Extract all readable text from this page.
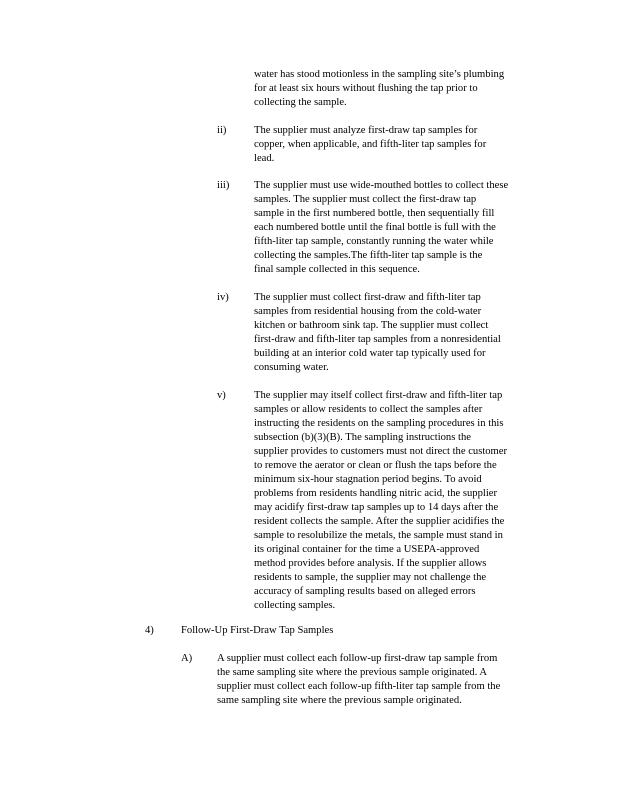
water has stood motionless in the sampling site’s plumbing
for at least six hours without flushing the tap prior to
collecting the sample.
ii)	The supplier must analyze first-draw tap samples for
copper, when applicable, and fifth-liter tap samples for
lead.
iii) The supplier must use wide-mouthed bottles to collect these
samples. The supplier must collect the first-draw tap
sample in the first numbered bottle, then sequentially fill
each numbered bottle until the final bottle is full with the
fifth-liter tap sample, constantly running the water while
collecting the samples.The fifth-liter tap sample is the
final sample collected in this sequence.
iv) The supplier must collect first-draw and fifth-liter tap
samples from residential housing from the cold-water
kitchen or bathroom sink tap. The supplier must collect
first-draw and fifth-liter tap samples from a nonresidential
building at an interior cold water tap typically used for
consuming water.
v)	The supplier may itself collect first-draw and fifth-liter tap
samples or allow residents to collect the samples after
instructing the residents on the sampling procedures in this
subsection (b)(3)(B). The sampling instructions the
supplier provides to customers must not direct the customer
to remove the aerator or clean or flush the taps before the
minimum six-hour stagnation period begins. To avoid
problems from residents handling nitric acid, the supplier
may acidify first-draw tap samples up to 14 days after the
resident collects the sample. After the supplier acidifies the
sample to resolubilize the metals, the sample must stand in
its original container for the time a USEPA-approved
method provides before analysis. If the supplier allows
residents to sample, the supplier may not challenge the
accuracy of sampling results based on alleged errors
collecting samples.
4)	Follow-Up First-Draw Tap Samples
A) A supplier must collect each follow-up first-draw tap sample from
the same sampling site where the previous sample originated. A
supplier must collect each follow-up fifth-liter tap sample from the
same sampling site where the previous sample originated.
